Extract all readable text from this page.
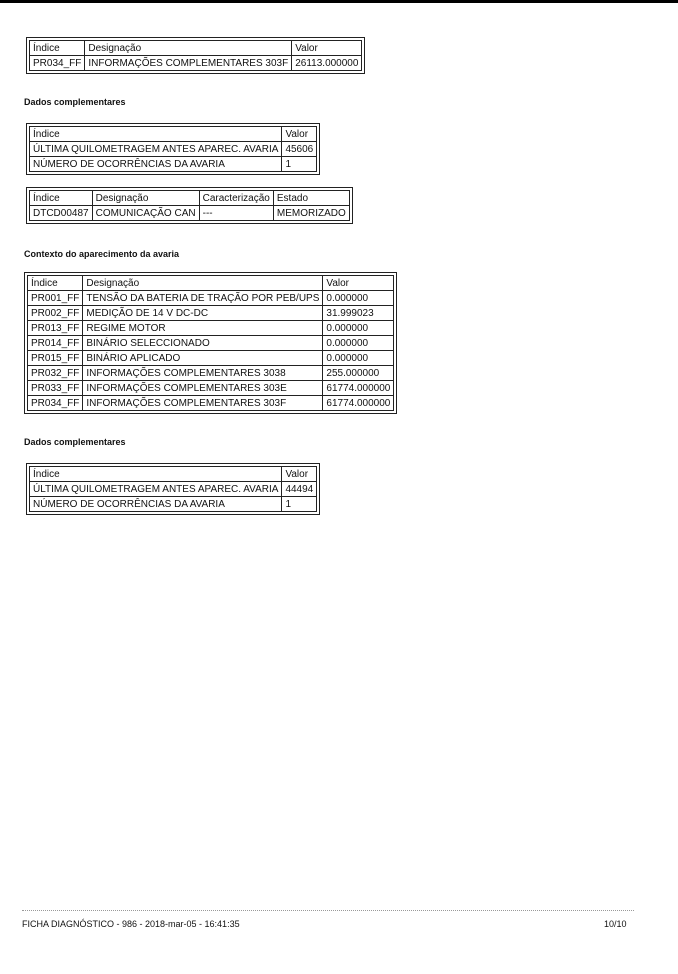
Índice	Designação	Valor
PR034_FF	INFORMAÇÕES COMPLEMENTARES 303F	26113.000000
Dados complementares
Índice	Valor
ÚLTIMA QUILOMETRAGEM ANTES APAREC. AVARIA	45606
NÚMERO DE OCORRÊNCIAS DA AVARIA	1
Índice	Designação	Caracterização	Estado
DTCD00487	COMUNICAÇÃO CAN	---	MEMORIZADO
Contexto do aparecimento da avaria
Índice	Designação	Valor
PR001_FF	TENSÃO DA BATERIA DE TRAÇÃO POR PEB/UPS	0.000000
PR002_FF	MEDIÇÃO DE 14 V DC-DC	31.999023
PR013_FF	REGIME MOTOR	0.000000
PR014_FF	BINÁRIO SELECCIONADO	0.000000
PR015_FF	BINÁRIO APLICADO	0.000000
PR032_FF	INFORMAÇÕES COMPLEMENTARES 3038	255.000000
PR033_FF	INFORMAÇÕES COMPLEMENTARES 303E	61774.000000
PR034_FF	INFORMAÇÕES COMPLEMENTARES 303F	61774.000000
Dados complementares
Índice	Valor
ÚLTIMA QUILOMETRAGEM ANTES APAREC. AVARIA	44494
NÚMERO DE OCORRÊNCIAS DA AVARIA	1
FICHA DIAGNÓSTICO - 986 - 2018-mar-05 - 16:41:35	10/10
